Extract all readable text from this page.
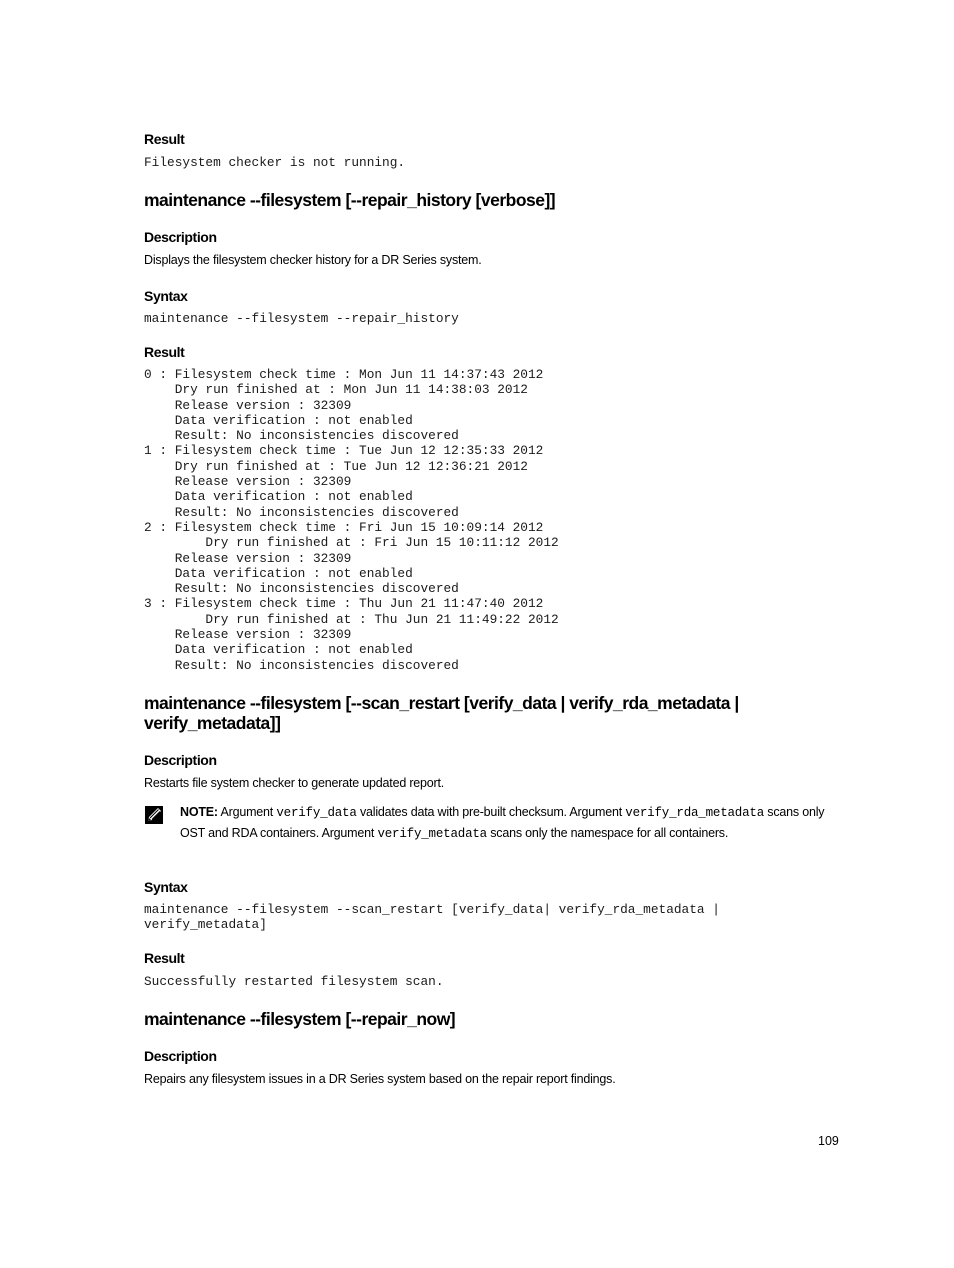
Result
Filesystem checker is not running.
maintenance --filesystem [--repair_history [verbose]]
Description
Displays the filesystem checker history for a DR Series system.
Syntax
maintenance --filesystem --repair_history
Result
0 : Filesystem check time : Mon Jun 11 14:37:43 2012
Dry run finished at : Mon Jun 11 14:38:03 2012
Release version : 32309
Data verification : not enabled
Result: No inconsistencies discovered
1 : Filesystem check time : Tue Jun 12 12:35:33 2012
Dry run finished at : Tue Jun 12 12:36:21 2012
Release version : 32309
Data verification : not enabled
Result: No inconsistencies discovered
2 : Filesystem check time : Fri Jun 15 10:09:14 2012
Dry run finished at : Fri Jun 15 10:11:12 2012
Release version : 32309
Data verification : not enabled
Result: No inconsistencies discovered
3 : Filesystem check time : Thu Jun 21 11:47:40 2012
Dry run finished at : Thu Jun 21 11:49:22 2012
Release version : 32309
Data verification : not enabled
Result: No inconsistencies discovered
maintenance --filesystem [--scan_restart [verify_data | verify_rda_metadata |
verify_metadata]]
Description
Restarts file system checker to generate updated report.
NOTE: Argument verify_data validates data with pre-built checksum. Argument verify_rda_metadata scans only OST and RDA containers. Argument verify_metadata scans only the namespace for all containers.
Syntax
maintenance --filesystem --scan_restart [verify_data| verify_rda_metadata |
verify_metadata]
Result
Successfully restarted filesystem scan.
maintenance --filesystem [--repair_now]
Description
Repairs any filesystem issues in a DR Series system based on the repair report findings.
109
